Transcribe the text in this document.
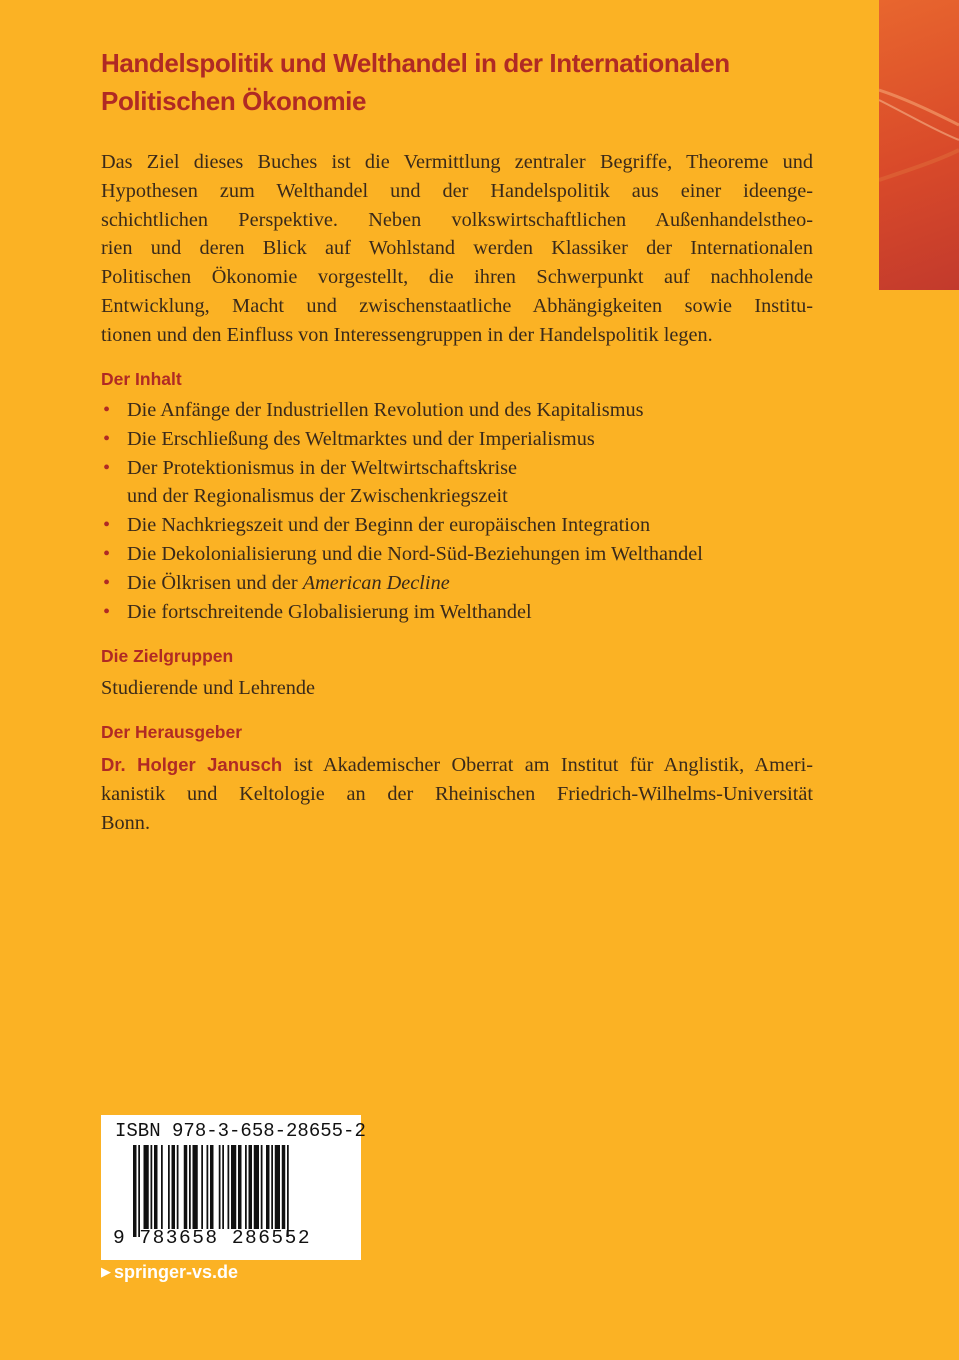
Handelspolitik und Welthandel in der Internationalen
Politischen Ökonomie
Das Ziel dieses Buches ist die Vermittlung zentraler Begriffe, Theoreme und
Hypothesen zum Welthandel und der Handelspolitik aus einer ideenge-
schichtlichen Perspektive. Neben volkswirtschaftlichen Außenhandelstheo-
rien und deren Blick auf Wohlstand werden Klassiker der Internationalen
Politischen Ökonomie vorgestellt, die ihren Schwerpunkt auf nachholende
Entwicklung, Macht und zwischenstaatliche Abhängigkeiten sowie Institu-
tionen und den Einfluss von Interessengruppen in der Handelspolitik legen.
Der Inhalt
• Die Anfänge der Industriellen Revolution und des Kapitalismus
• Die Erschließung des Weltmarktes und der Imperialismus
• Der Protektionismus in der Weltwirtschaftskrise
und der Regionalismus der Zwischenkriegszeit
• Die Nachkriegszeit und der Beginn der europäischen Integration
• Die Dekolonialisierung und die Nord-Süd-Beziehungen im Welthandel
• Die Ölkrisen und der American Decline
• Die fortschreitende Globalisierung im Welthandel
Die Zielgruppen
Studierende und Lehrende
Der Herausgeber
Dr. Holger Janusch ist Akademischer Oberrat am Institut für Anglistik, Ameri-
kanistik und Keltologie an der Rheinischen Friedrich-Wilhelms-Universität
Bonn.
ISBN 978-3-658-28655-2
9 783658 286552
▶ springer-vs.de
